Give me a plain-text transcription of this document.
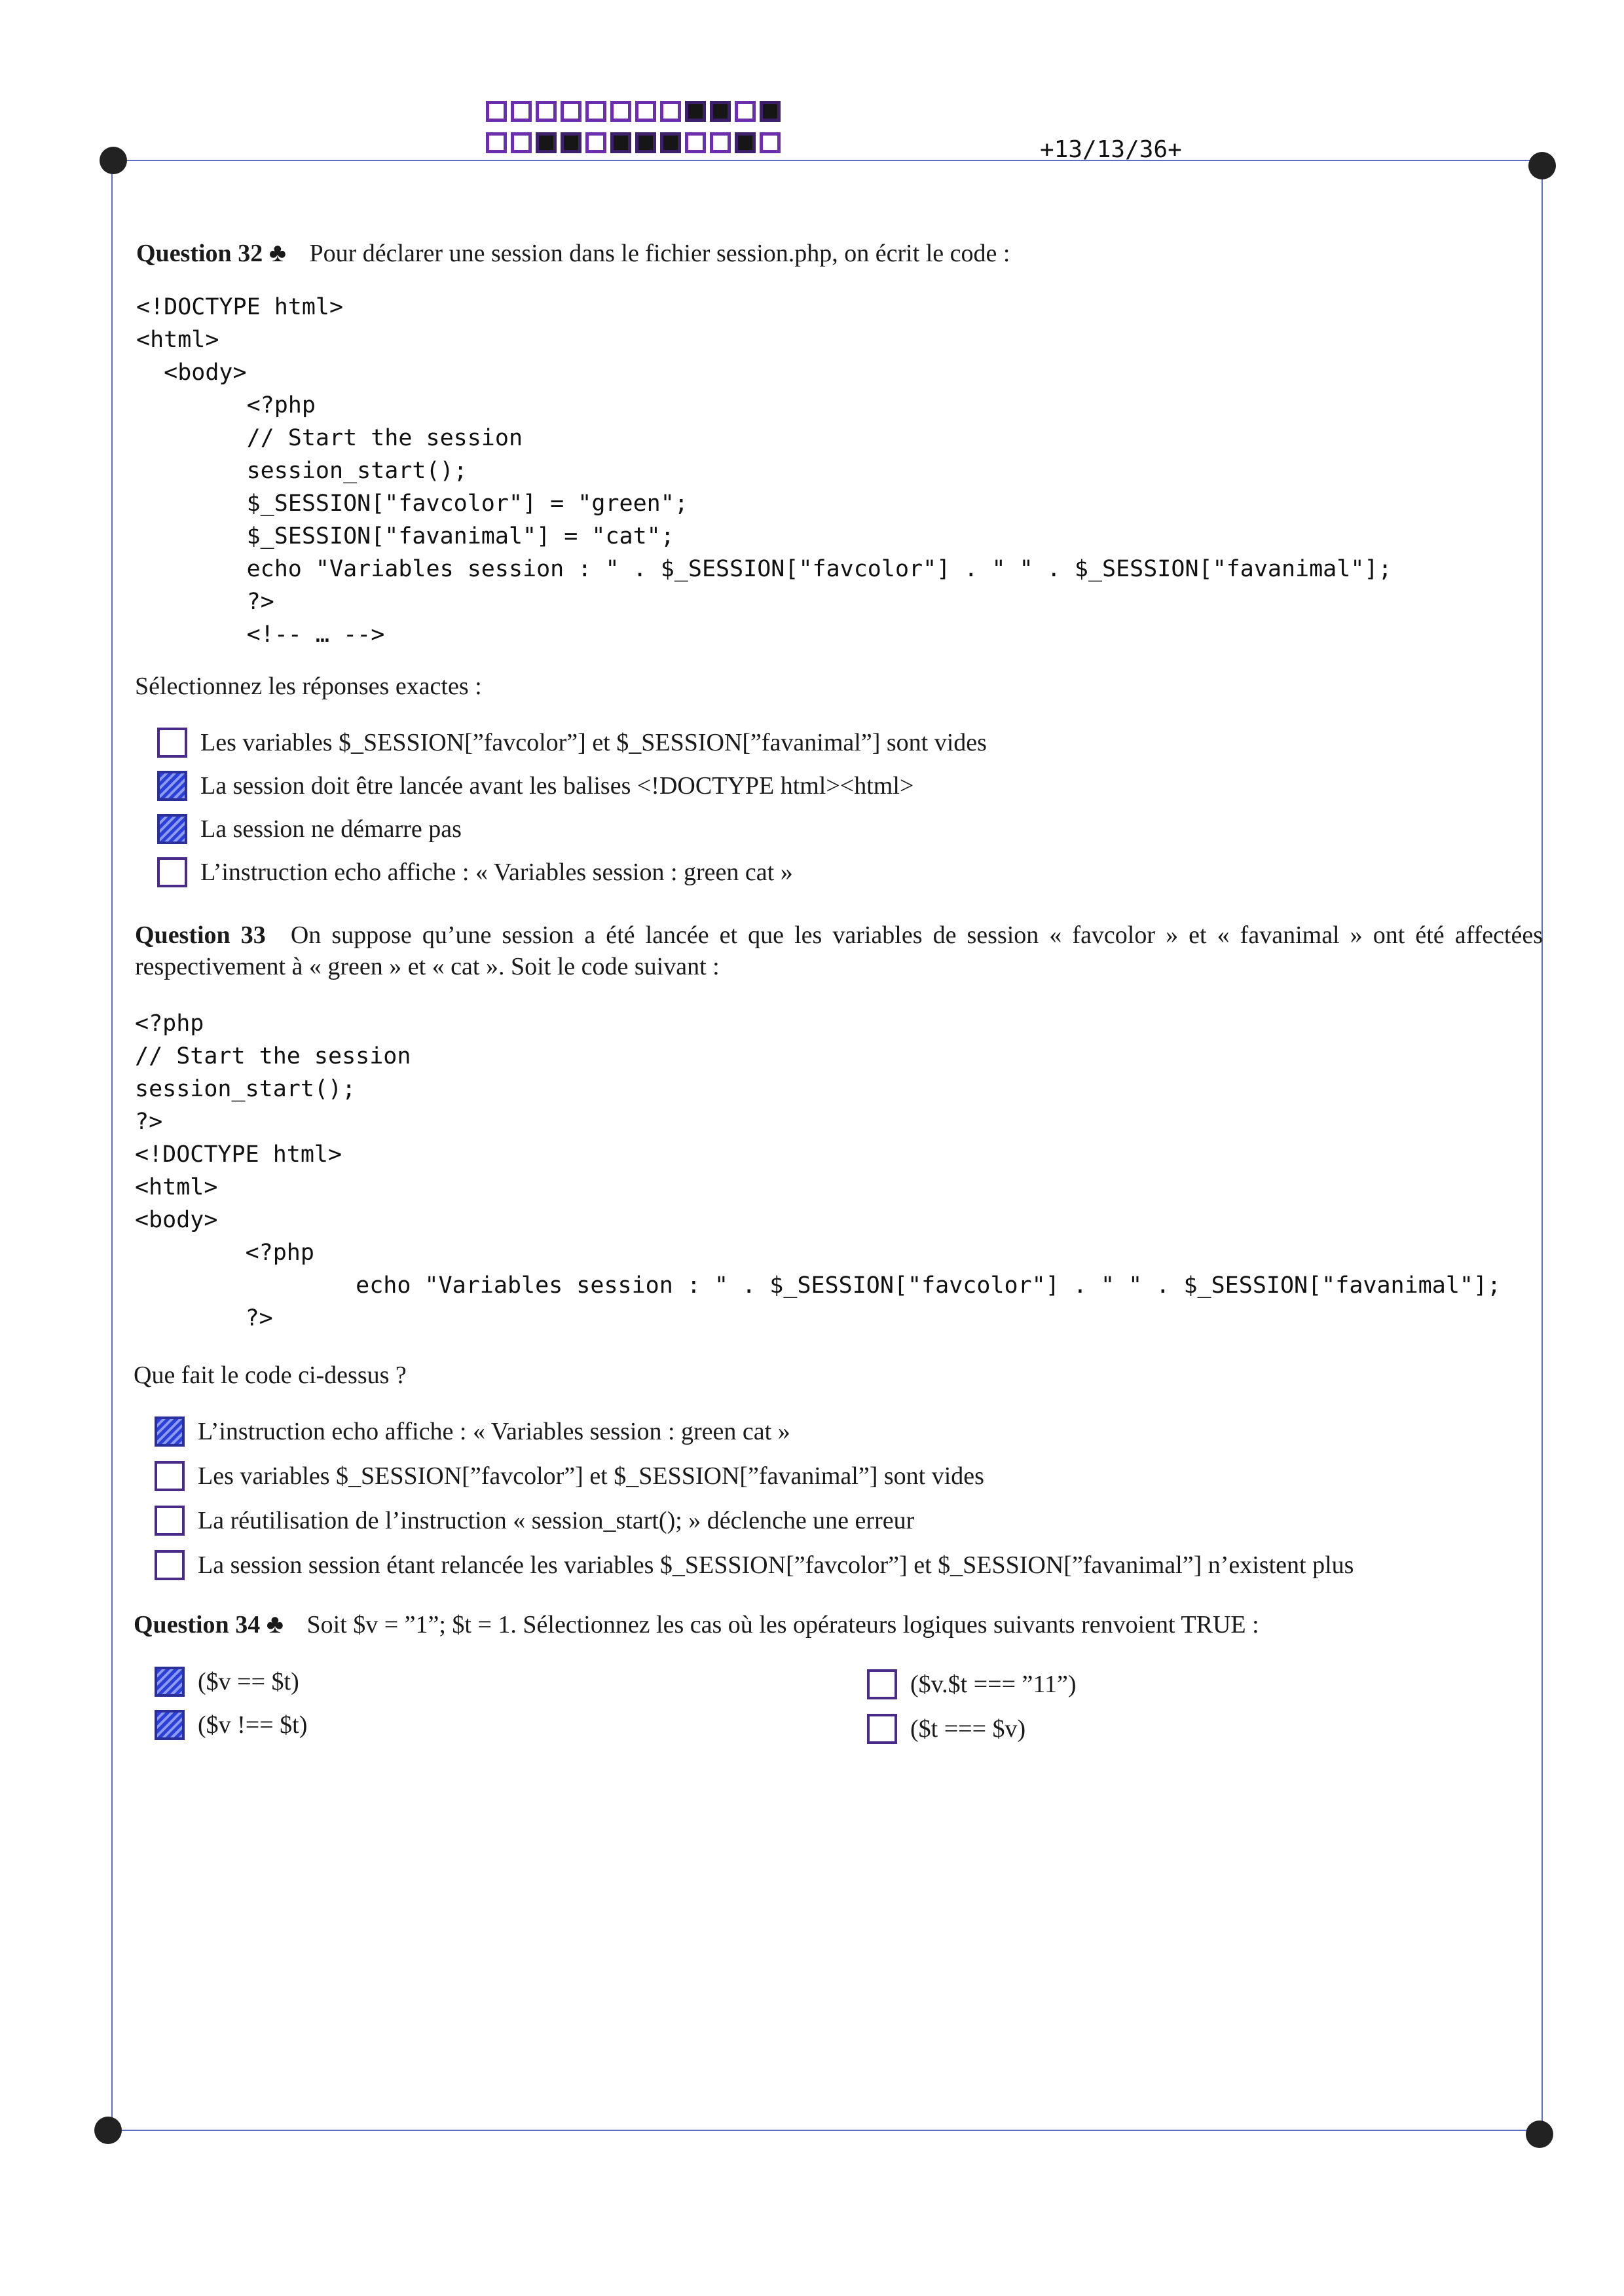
+13/13/36+
Question 32 ♣ Pour déclarer une session dans le fichier session.php, on écrit le code :
<!DOCTYPE html>
<html>
<body>
<?php
// Start the session
session_start();
$_SESSION["favcolor"] = "green";
$_SESSION["favanimal"] = "cat";
echo "Variables session : " . $_SESSION["favcolor"] . " " . $_SESSION["favanimal"];
?>
<!-- … -->
Sélectionnez les réponses exactes :
Les variables $_SESSION[”favcolor”] et $_SESSION[”favanimal”] sont vides
La session doit être lancée avant les balises <!DOCTYPE html><html>
La session ne démarre pas
L’instruction echo affiche : « Variables session : green cat »
Question 33 On suppose qu’une session a été lancée et que les variables de session « favcolor » et « favanimal » ont été affectées respectivement à « green » et « cat ». Soit le code suivant :
<?php
// Start the session
session_start();
?>
<!DOCTYPE html>
<html>
<body>
<?php
echo "Variables session : " . $_SESSION["favcolor"] . " " . $_SESSION["favanimal"];
?>
Que fait le code ci-dessus ?
L’instruction echo affiche : « Variables session : green cat »
Les variables $_SESSION[”favcolor”] et $_SESSION[”favanimal”] sont vides
La réutilisation de l’instruction « session_start(); » déclenche une erreur
La session session étant relancée les variables $_SESSION[”favcolor”] et $_SESSION[”favanimal”] n’existent plus
Question 34 ♣ Soit $v = ”1”; $t = 1. Sélectionnez les cas où les opérateurs logiques suivants renvoient TRUE :
($v == $t)
($v !== $t)
($v.$t === ”11”)
($t === $v)
